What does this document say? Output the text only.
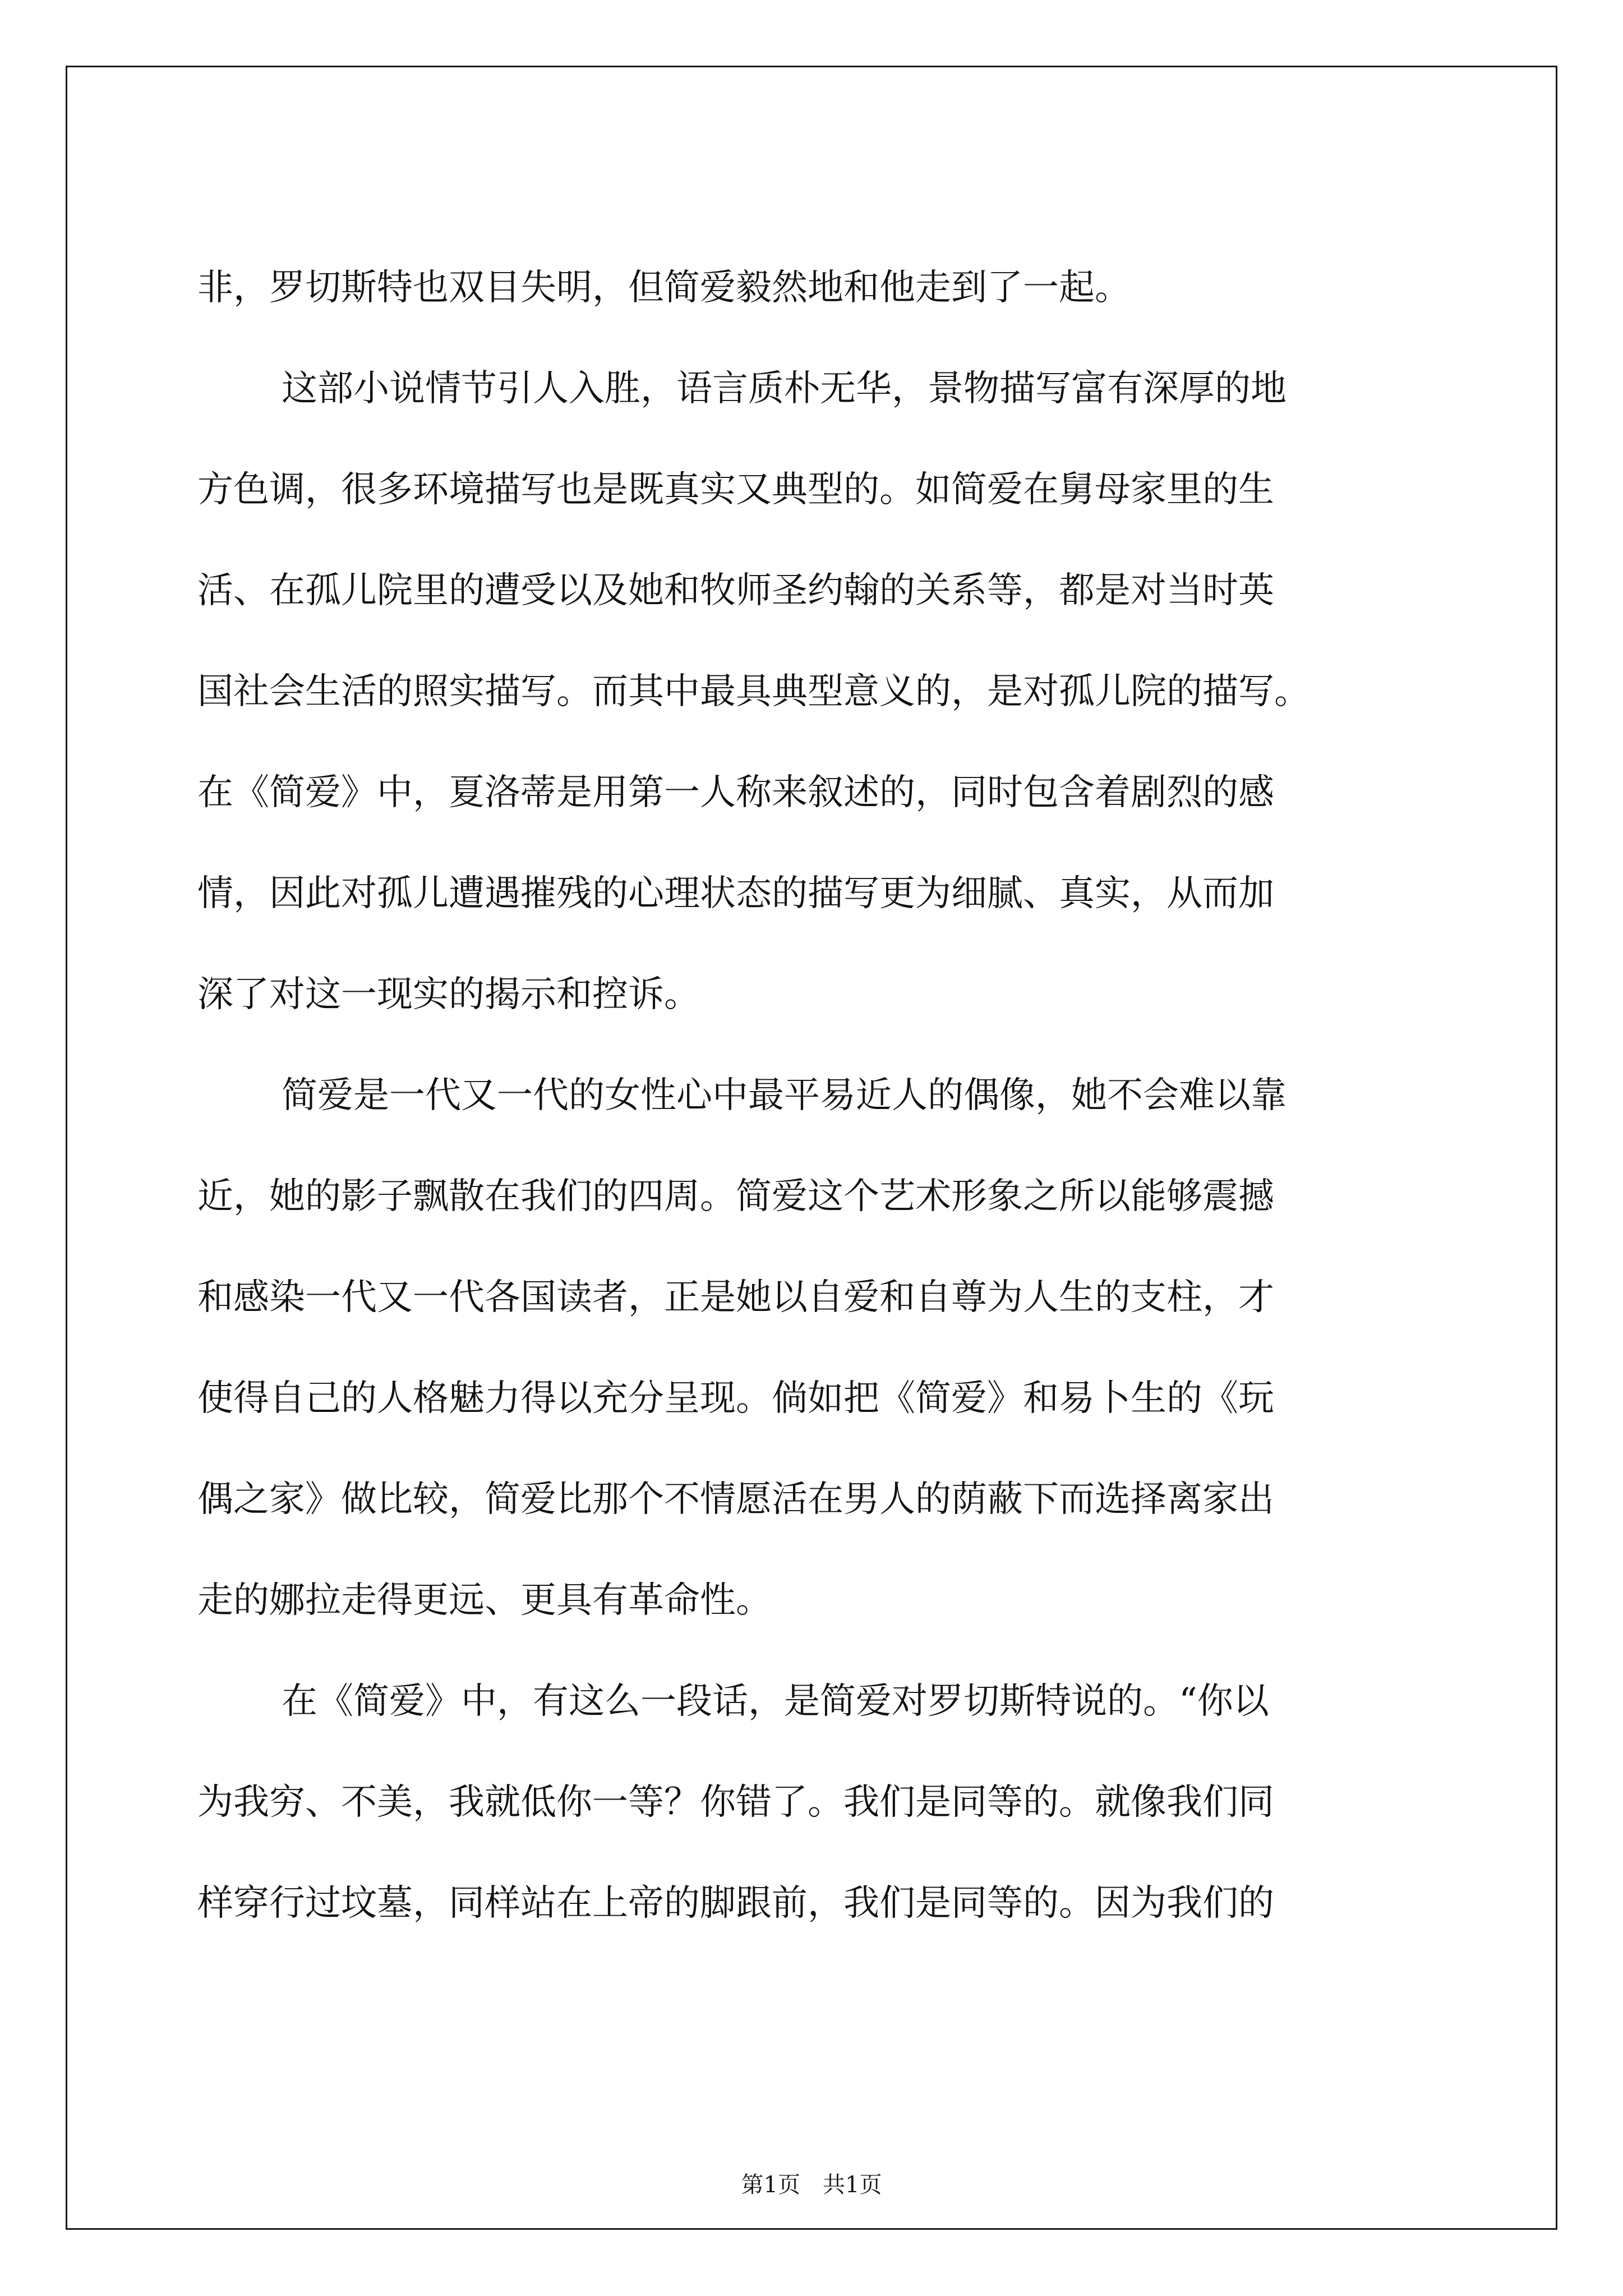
非，罗切斯特也双目失明，但简爱毅然地和他走到了一起。

这部小说情节引人入胜，语言质朴无华，景物描写富有深厚的地

方色调，很多环境描写也是既真实又典型的。如简爱在舅母家里的生

活、在孤儿院里的遭受以及她和牧师圣约翰的关系等，都是对当时英

国社会生活的照实描写。而其中最具典型意义的，是对孤儿院的描写。

在《简爱》中，夏洛蒂是用第一人称来叙述的，同时包含着剧烈的感

情，因此对孤儿遭遇摧残的心理状态的描写更为细腻、真实，从而加

深了对这一现实的揭示和控诉。

简爱是一代又一代的女性心中最平易近人的偶像，她不会难以靠

近，她的影子飘散在我们的四周。简爱这个艺术形象之所以能够震撼

和感染一代又一代各国读者，正是她以自爱和自尊为人生的支柱，才

使得自己的人格魅力得以充分呈现。倘如把《简爱》和易卜生的《玩

偶之家》做比较，简爱比那个不情愿活在男人的荫蔽下而选择离家出

走的娜拉走得更远、更具有革命性。

在《简爱》中，有这么一段话，是简爱对罗切斯特说的。“你以

为我穷、不美，我就低你一等？你错了。我们是同等的。就像我们同

样穿行过坟墓，同样站在上帝的脚跟前，我们是同等的。因为我们的

第1页 共1页
